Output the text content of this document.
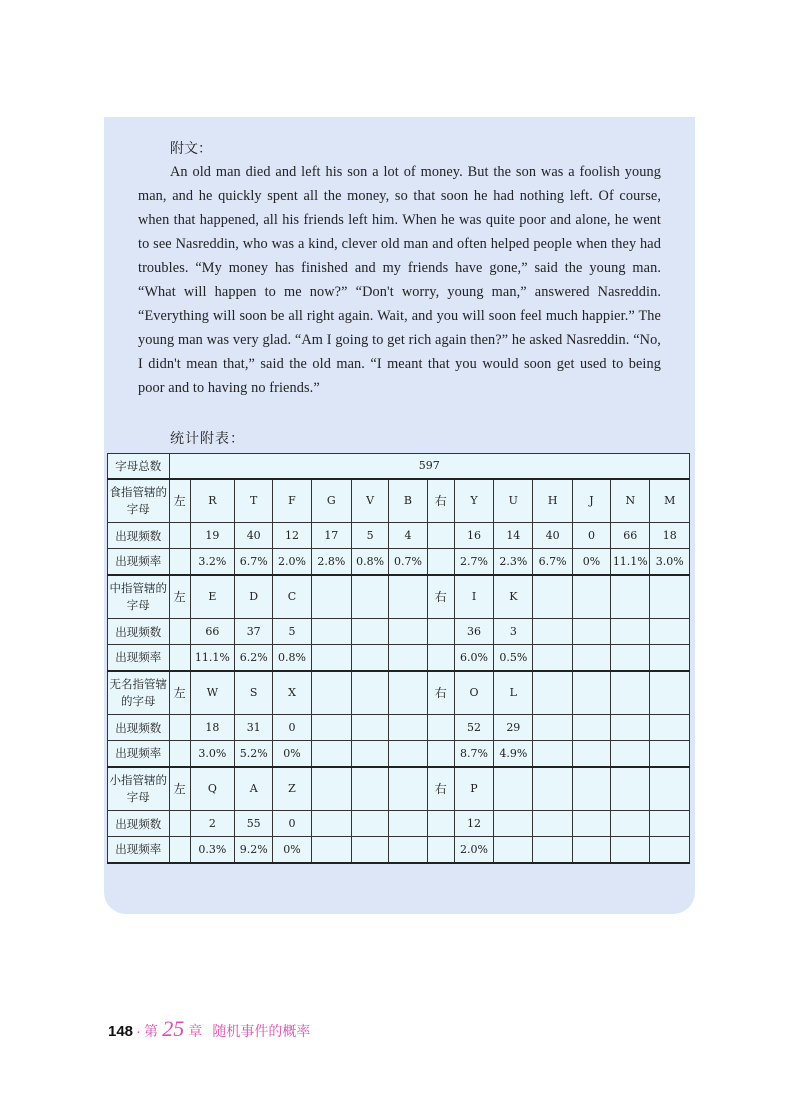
附文：
An old man died and left his son a lot of money. But the son was a foolish young man, and he quickly spent all the money, so that soon he had nothing left. Of course, when that happened, all his friends left him. When he was quite poor and alone, he went to see Nasreddin, who was a kind, clever old man and often helped people when they had troubles. “My money has finished and my friends have gone,” said the young man. “What will happen to me now?” “Don't worry, young man,” answered Nasreddin. “Everything will soon be all right again. Wait, and you will soon feel much happier.” The young man was very glad. “Am I going to get rich again then?” he asked Nasreddin. “No, I didn't mean that,” said the old man. “I meant that you would soon get used to being poor and to having no friends.”
统计附表：
字母总数	597													
食指管辖的字母	左	R	T	F	G	V	B	右	Y	U	H	J	N	M
出现频数		19	40	12	17	5	4		16	14	40	0	66	18
出现频率		3.2%	6.7%	2.0%	2.8%	0.8%	0.7%		2.7%	2.3%	6.7%	0%	11.1%	3.0%
中指管辖的字母	左	E	D	C				右	I	K				
出现频数		66	37	5					36	3				
出现频率		11.1%	6.2%	0.8%					6.0%	0.5%				
无名指管辖的字母	左	W	S	X				右	O	L				
出现频数		18	31	0					52	29				
出现频率		3.0%	5.2%	0%					8.7%	4.9%				
小指管辖的字母	左	Q	A	Z				右	P					
出现频数		2	55	0					12					
出现频率		0.3%	9.2%	0%					2.0%					
148 · 第 25 章 随机事件的概率
